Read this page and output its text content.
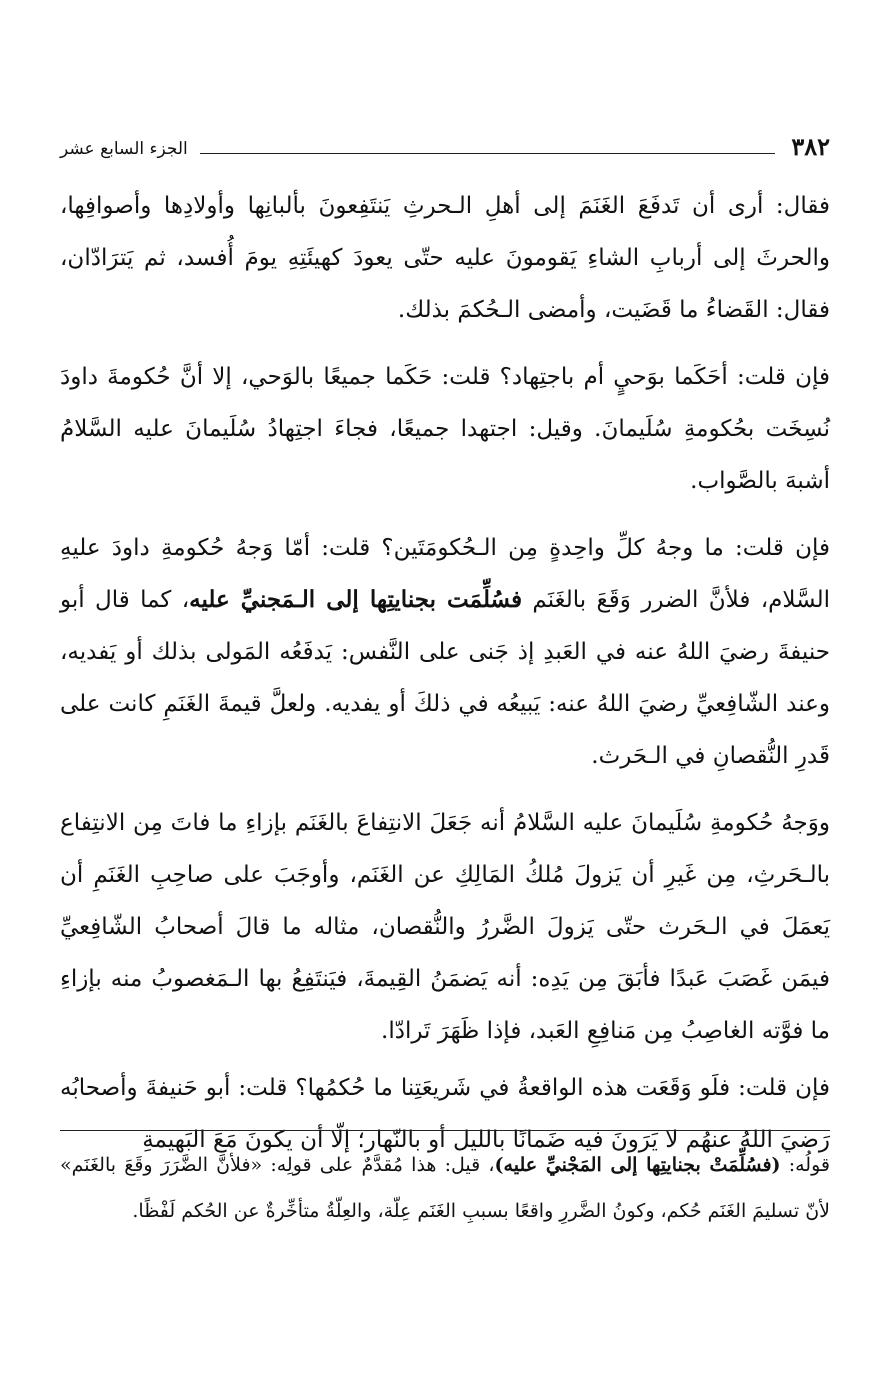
٣٨٢
الجزء السابع عشر

فقال: أرى أن تَدفَعَ الغَنَمَ إلى أهلِ الـحرثِ يَنتَفِعونَ بألبانِها وأولادِها وأصوافِها، والحرثَ إلى أربابِ الشاءِ يَقومونَ عليه حتّى يعودَ كهيئَتِهِ يومَ أُفسد، ثم يَترَادّان، فقال: القَضاءُ ما قَضَيت، وأمضى الـحُكمَ بذلك.

فإن قلت: أحَكَما بوَحيٍ أم باجتِهاد؟ قلت: حَكَما جميعًا بالوَحي، إلا أنَّ حُكومةَ داودَ نُسِخَت بحُكومةِ سُلَيمانَ. وقيل: اجتهدا جميعًا، فجاءَ اجتِهادُ سُلَيمانَ عليه السَّلامُ أشبهَ بالصَّواب.

فإن قلت: ما وجهُ كلِّ واحِدةٍ مِن الـحُكومَتَين؟ قلت: أمّا وَجهُ حُكومةِ داودَ عليهِ السَّلام، فلأنَّ الضرر وَقَعَ بالغَنَم فسُلِّمَت بجنايتِها إلى الـمَجنيِّ عليه، كما قال أبو حنيفةَ رضيَ اللهُ عنه في العَبدِ إذ جَنى على النَّفس: يَدفَعُه المَولى بذلك أو يَفديه، وعند الشّافِعيِّ رضيَ اللهُ عنه: يَبيعُه في ذلكَ أو يفديه. ولعلَّ قيمةَ الغَنَمِ كانت على قَدرِ النُّقصانِ في الـحَرث.

ووَجهُ حُكومةِ سُلَيمانَ عليه السَّلامُ أنه جَعَلَ الانتِفاعَ بالغَنَم بإزاءِ ما فاتَ مِن الانتِفاع بالـحَرثِ، مِن غَيرِ أن يَزولَ مُلكُ المَالِكِ عن الغَنَم، وأوجَبَ على صاحِبِ الغَنَمِ أن يَعمَلَ في الـحَرث حتّى يَزولَ الضَّررُ والنُّقصان، مثاله ما قالَ أصحابُ الشّافِعيِّ فيمَن غَصَبَ عَبدًا فأبَقَ مِن يَدِه: أنه يَضمَنُ القِيمةَ، فيَنتَفِعُ بها الـمَغصوبُ منه بإزاءِ ما فوَّته الغاصِبُ مِن مَنافِعِ العَبد، فإذا ظَهَرَ تَرادّا.

فإن قلت: فلَو وَقَعَت هذه الواقعةُ في شَريعَتِنا ما حُكمُها؟ قلت: أبو حَنيفةَ وأصحابُه رَضيَ اللهُ عنهُم لا يَرَونَ فيه ضَمانًا بالليل أو بالنّهار؛ إلّا أن يكونَ مَعَ البَهيمةِ

قولُه: (فسُلِّمَتْ بجنايتِها إلى المَجْنيِّ عليه)، قيل: هذا مُقدَّمٌ على قولِه: «فلأنَّ الضَّرَرَ وقَعَ بالغَنَم» لأنّ تسليمَ الغَنَم حُكم، وكونُ الضَّررِ واقعًا بسببِ الغَنَم عِلّة، والعِلّةُ متأخِّرةٌ عن الحُكم لَفْظًا.
